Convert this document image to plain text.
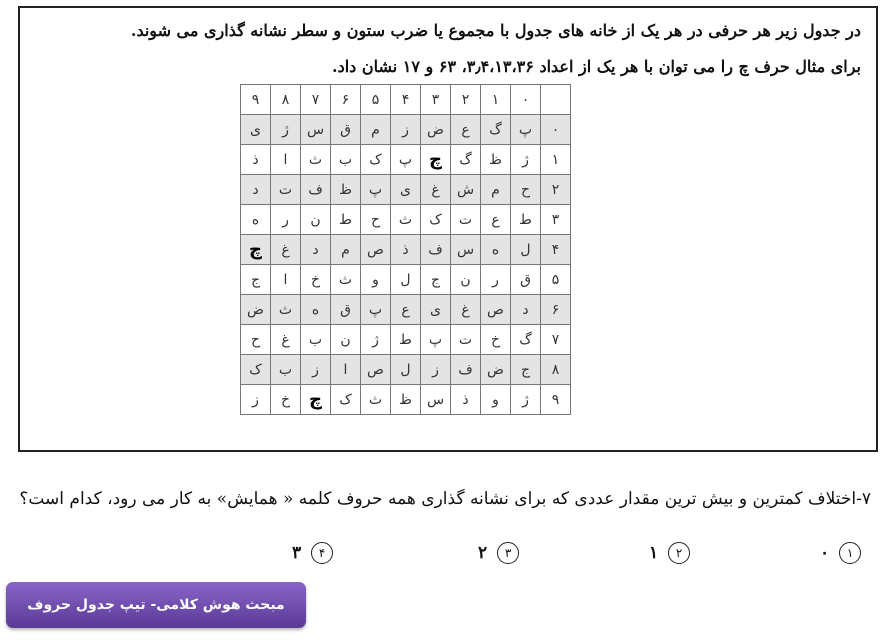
در جدول زیر هر حرفی در هر یک از خانه های جدول با مجموع یا ضرب ستون و سطر نشانه گذاری می شوند.
برای مثال حرف چ را می توان با هر یک از اعداد ۳٫۴،۱۳،۳۶، ۶۳ و ۱۷ نشان داد.
۹	۸	۷	۶	۵	۴	۳	۲	۱	۰	
ی	ژ	س	ق	م	ز	ض	ع	گ	پ	۰
ذ	ا	ث	ب	ک	پ	چ	گ	ظ	ژ	۱
د	ت	ف	ظ	پ	ی	غ	ش	م	ح	۲
ه	ر	ن	ط	ح	ث	ک	ت	ع	ط	۳
چ	غ	د	م	ص	ذ	ف	س	ه	ل	۴
ج	ا	خ	ث	و	ل	ج	ن	ر	ق	۵
ض	ث	ه	ق	پ	ع	ی	غ	ص	د	۶
ح	غ	ب	ن	ژ	ط	پ	ت	خ	گ	۷
ک	ب	ز	ا	ص	ل	ز	ف	ض	ج	۸
ز	خ	چ	ک	ث	ظ	س	ذ	و	ژ	۹
۷-اختلاف کمترین و بیش ترین مقدار عددی که برای نشانه گذاری همه حروف کلمه « همایش» به کار می رود، کدام است؟
۳	۴	۲	۳	۱	۲	۰	۱
مبحث هوش کلامی- تیپ جدول حروف
